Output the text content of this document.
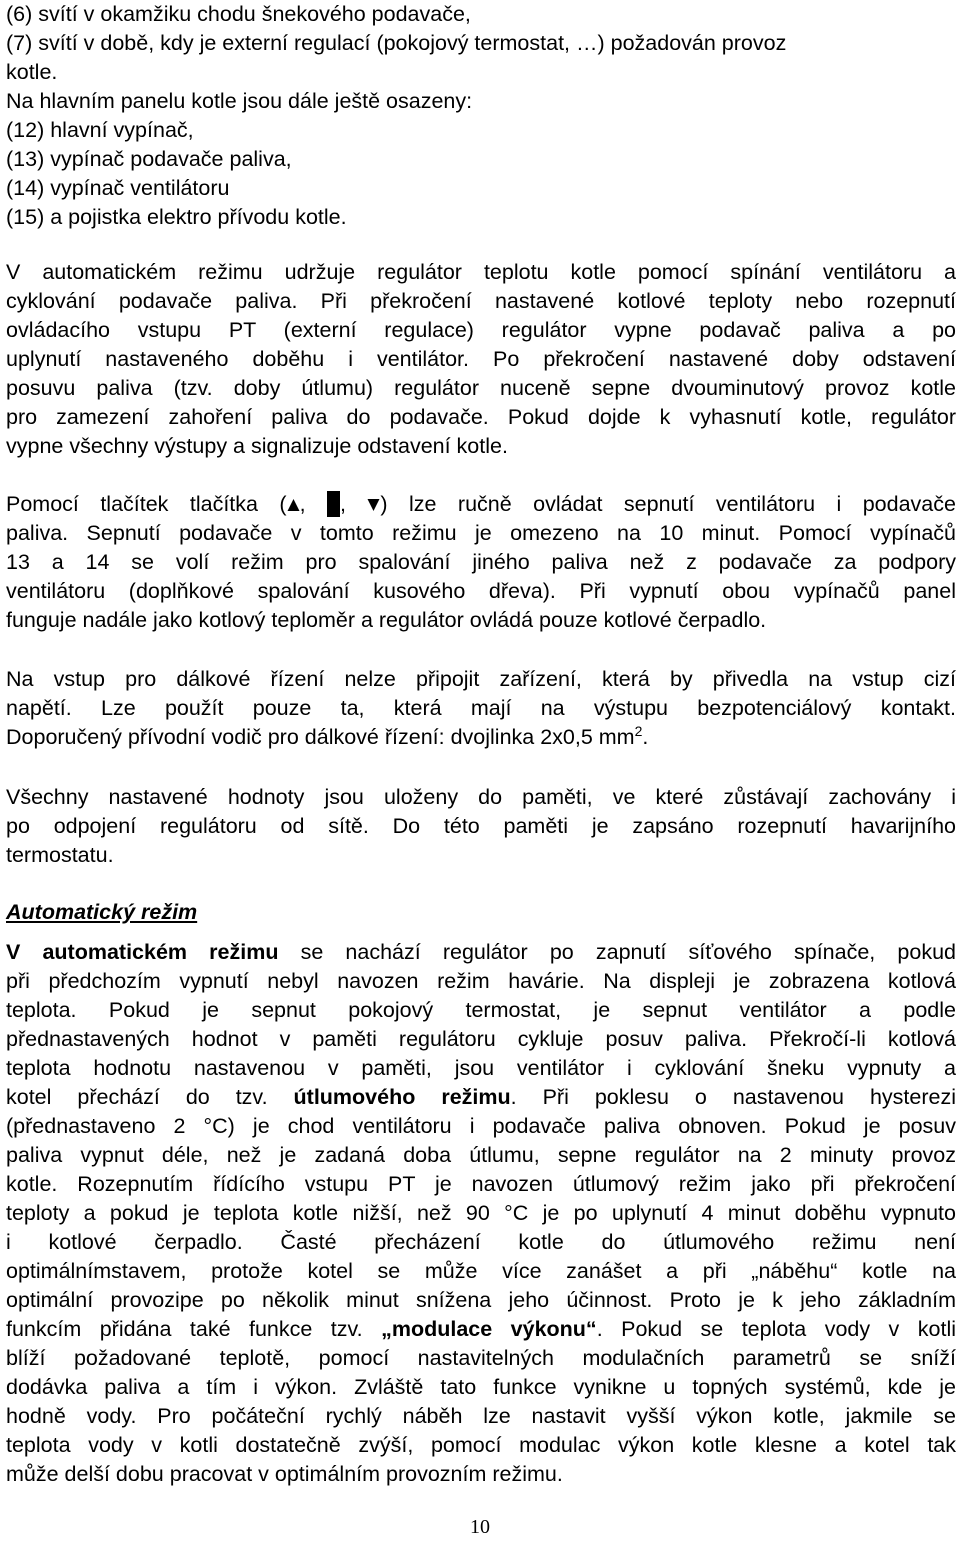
(6) svítí v okamžiku chodu šnekového podavače,
(7) svítí v době, kdy je externí regulací (pokojový termostat, …) požadován provoz
kotle.
Na hlavním panelu kotle jsou dále ještě osazeny:
(12) hlavní vypínač,
(13) vypínač podavače paliva,
(14) vypínač ventilátoru
(15) a pojistka elektro přívodu kotle.
V automatickém režimu udržuje regulátor teplotu kotle pomocí spínání ventilátoru a
cyklování podavače paliva. Při překročení nastavené kotlové teploty nebo rozepnutí
ovládacího vstupu PT (externí regulace) regulátor vypne podavač paliva a po
uplynutí nastaveného doběhu i ventilátor. Po překročení nastavené doby odstavení
posuvu paliva (tzv. doby útlumu) regulátor nuceně sepne dvouminutový provoz kotle
pro zamezení zahoření paliva do podavače. Pokud dojde k vyhasnutí kotle, regulátor
vypne všechny výstupy a signalizuje odstavení kotle.
Pomocí tlačítek tlačítka ( , , ) lze ručně ovládat sepnutí ventilátoru i podavače
paliva. Sepnutí podavače v tomto režimu je omezeno na 10 minut. Pomocí vypínačů
13 a 14 se volí režim pro spalování jiného paliva než z podavače za podpory
ventilátoru (doplňkové spalování kusového dřeva). Při vypnutí obou vypínačů panel
funguje nadále jako kotlový teploměr a regulátor ovládá pouze kotlové čerpadlo.
Na vstup pro dálkové řízení nelze připojit zařízení, která by přivedla na vstup cizí
napětí. Lze použít pouze ta, která mají na výstupu bezpotenciálový kontakt.
Doporučený přívodní vodič pro dálkové řízení: dvojlinka 2x0,5 $mm^2$.
Všechny nastavené hodnoty jsou uloženy do paměti, ve které zůstávají zachovány i
po odpojení regulátoru od sítě. Do této paměti je zapsáno rozepnutí havarijního
termostatu.
Automatický režim
V automatickém režimu se nachází regulátor po zapnutí síťového spínače, pokud
při předchozím vypnutí nebyl navozen režim havárie. Na displeji je zobrazena kotlová
teplota. Pokud je sepnut pokojový termostat, je sepnut ventilátor a podle
přednastavených hodnot v paměti regulátoru cykluje posuv paliva. Překročí-li kotlová
teplota hodnotu nastavenou v paměti, jsou ventilátor i cyklování šneku vypnuty a
kotel přechází do tzv. útlumového režimu. Při poklesu o nastavenou hysterezi
(přednastaveno 2 °C) je chod ventilátoru i podavače paliva obnoven. Pokud je posuv
paliva vypnut déle, než je zadaná doba útlumu, sepne regulátor na 2 minuty provoz
kotle. Rozepnutím řídícího vstupu PT je navozen útlumový režim jako při překročení
teploty a pokud je teplota kotle nižší, než 90 °C je po uplynutí 4 minut doběhu vypnuto
i kotlové čerpadlo. Časté přecházení kotle do útlumového režimu není
optimálnímstavem, protože kotel se může více zanášet a při „náběhu“ kotle na
optimální provozipe po několik minut snížena jeho účinnost. Proto je k jeho základním
funkcím přidána také funkce tzv. „modulace výkonu“. Pokud se teplota vody v kotli
blíží požadované teplotě, pomocí nastavitelných modulačních parametrů se sníží
dodávka paliva a tím i výkon. Zvláště tato funkce vynikne u topných systémů, kde je
hodně vody. Pro počáteční rychlý náběh lze nastavit vyšší výkon kotle, jakmile se
teplota vody v kotli dostatečně zvýší, pomocí modulac výkon kotle klesne a kotel tak
může delší dobu pracovat v optimálním provozním režimu.
10
